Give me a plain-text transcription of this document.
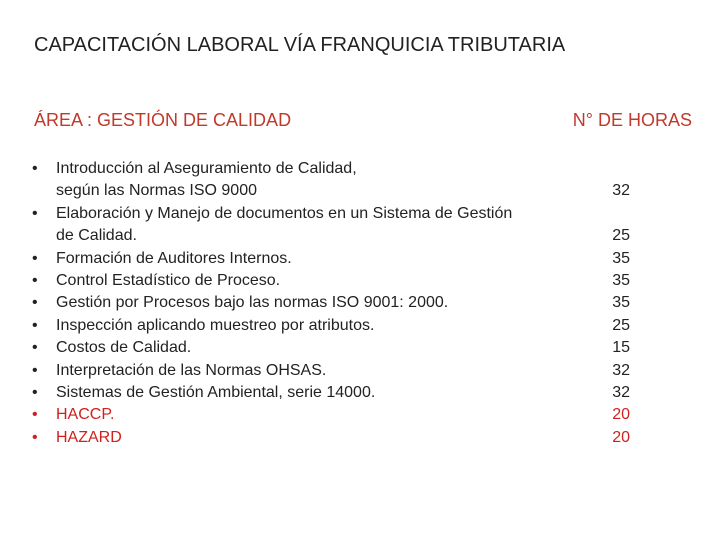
CAPACITACIÓN LABORAL VÍA FRANQUICIA TRIBUTARIA
ÁREA : GESTIÓN DE CALIDAD	N° DE HORAS
• Introducción al Aseguramiento de Calidad,
según las Normas ISO 9000	32
• Elaboración y Manejo de documentos en un Sistema de Gestión
de Calidad.	25
• Formación de Auditores Internos.	35
• Control Estadístico de Proceso.	35
• Gestión por Procesos bajo las normas ISO 9001: 2000.	35
• Inspección aplicando muestreo por atributos.	25
• Costos de Calidad.	15
• Interpretación de las Normas OHSAS.	32
• Sistemas de Gestión Ambiental, serie 14000.	32
• HACCP.	20
• HAZARD	20
